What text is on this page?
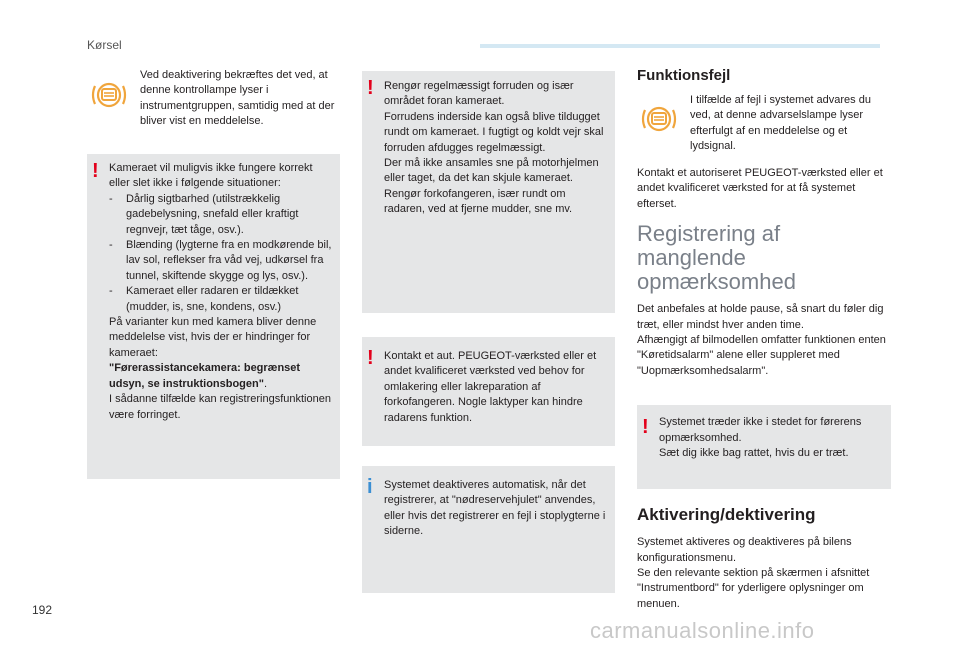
Kørsel
Ved deaktivering bekræftes det ved, at denne kontrollampe lyser i instrumentgruppen, samtidig med at der bliver vist en meddelelse.
! Kameraet vil muligvis ikke fungere korrekt eller slet ikke i følgende situationer:
- Dårlig sigtbarhed (utilstrækkelig gadebelysning, snefald eller kraftigt regnvejr, tæt tåge, osv.).
- Blænding (lygterne fra en modkørende bil, lav sol, reflekser fra våd vej, udkørsel fra tunnel, skiftende skygge og lys, osv.).
- Kameraet eller radaren er tildækket (mudder, is, sne, kondens, osv.)
På varianter kun med kamera bliver denne meddelelse vist, hvis der er hindringer for kameraet:
"Førerassistancekamera: begrænset udsyn, se instruktionsbogen".
I sådanne tilfælde kan registreringsfunktionen være forringet.
! Rengør regelmæssigt forruden og især området foran kameraet.
Forrudens inderside kan også blive tildugget rundt om kameraet. I fugtigt og koldt vejr skal forruden afdugges regelmæssigt.
Der må ikke ansamles sne på motorhjelmen eller taget, da det kan skjule kameraet.
Rengør forkofangeren, især rundt om radaren, ved at fjerne mudder, sne mv.
! Kontakt et aut. PEUGEOT-værksted eller et andet kvalificeret værksted ved behov for omlakering eller lakreparation af forkofangeren. Nogle laktyper kan hindre radarens funktion.
i Systemet deaktiveres automatisk, når det registrerer, at "nødreservehjulet" anvendes, eller hvis det registrerer en fejl i stoplygterne i siderne.
Funktionsfejl
I tilfælde af fejl i systemet advares du ved, at denne advarselslampe lyser efterfulgt af en meddelelse og et lydsignal.
Kontakt et autoriseret PEUGEOT-værksted eller et andet kvalificeret værksted for at få systemet efterset.
Registrering af manglende
opmærksomhed
Det anbefales at holde pause, så snart du føler dig træt, eller mindst hver anden time.
Afhængigt af bilmodellen omfatter funktionen enten "Køretidsalarm" alene eller suppleret med "Uopmærksomhedsalarm".
! Systemet træder ikke i stedet for førerens opmærksomhed.
Sæt dig ikke bag rattet, hvis du er træt.
Aktivering/dektivering
Systemet aktiveres og deaktiveres på bilens konfigurationsmenu.
Se den relevante sektion på skærmen i afsnittet "Instrumentbord" for yderligere oplysninger om menuen.
192
carmanualsonline.info
